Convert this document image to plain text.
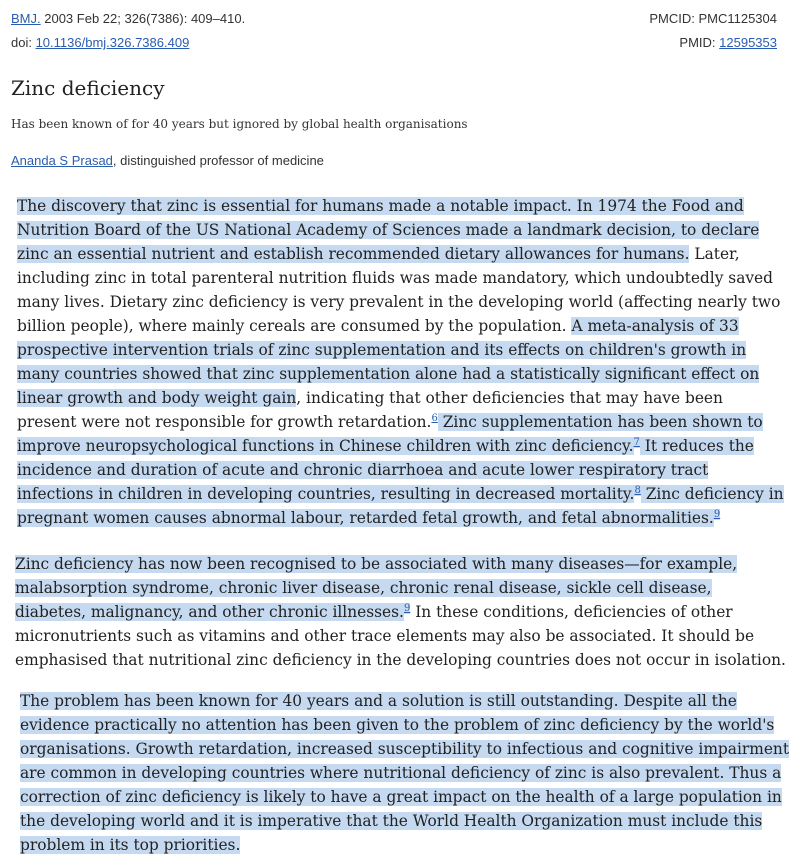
BMJ. 2003 Feb 22; 326(7386): 409–410.
doi: 10.1136/bmj.326.7386.409
PMCID: PMC1125304
PMID: 12595353
Zinc deficiency

Has been known of for 40 years but ignored by global health organisations

Ananda S Prasad, distinguished professor of medicine

The discovery that zinc is essential for humans made a notable impact. In 1974 the Food and Nutrition Board of the US National Academy of Sciences made a landmark decision, to declare zinc an essential nutrient and establish recommended dietary allowances for humans. Later, including zinc in total parenteral nutrition fluids was made mandatory, which undoubtedly saved many lives. Dietary zinc deficiency is very prevalent in the developing world (affecting nearly two billion people), where mainly cereals are consumed by the population. A meta-analysis of 33 prospective intervention trials of zinc supplementation and its effects on children's growth in many countries showed that zinc supplementation alone had a statistically significant effect on linear growth and body weight gain, indicating that other deficiencies that may have been present were not responsible for growth retardation.$^6$ Zinc supplementation has been shown to improve neuropsychological functions in Chinese children with zinc deficiency.$^7$ It reduces the incidence and duration of acute and chronic diarrhoea and acute lower respiratory tract infections in children in developing countries, resulting in decreased mortality.$^8$ Zinc deficiency in pregnant women causes abnormal labour, retarded fetal growth, and fetal abnormalities.$^9$

Zinc deficiency has now been recognised to be associated with many diseases—for example, malabsorption syndrome, chronic liver disease, chronic renal disease, sickle cell disease, diabetes, malignancy, and other chronic illnesses.$^9$ In these conditions, deficiencies of other micronutrients such as vitamins and other trace elements may also be associated. It should be emphasised that nutritional zinc deficiency in the developing countries does not occur in isolation.

The problem has been known for 40 years and a solution is still outstanding. Despite all the evidence practically no attention has been given to the problem of zinc deficiency by the world's organisations. Growth retardation, increased susceptibility to infectious and cognitive impairment are common in developing countries where nutritional deficiency of zinc is also prevalent. Thus a correction of zinc deficiency is likely to have a great impact on the health of a large population in the developing world and it is imperative that the World Health Organization must include this problem in its top priorities.
